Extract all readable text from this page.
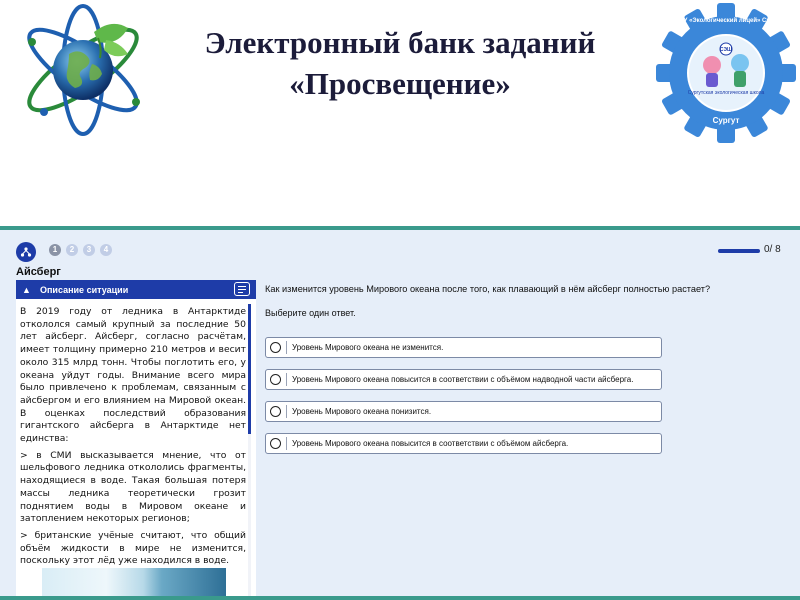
Электронный банк заданий
«Просвещение»	Сургутская экологическая школа
СЭШ
Сургут
МБОУ «Экологический лицей» Сургут
1	2	3	4	0/ 8
Айсберг
▲	Описание ситуации

В 2019 году от ледника в Антарктиде откололся самый крупный за последние 50 лет айсберг. Айсберг, согласно расчётам, имеет толщину примерно 210 метров и весит около 315 млрд тонн. Чтобы поглотить его, у океана уйдут годы. Внимание всего мира было привлечено к проблемам, связанным с айсбергом и его влиянием на Мировой океан. В оценках последствий образования гигантского айсберга в Антарктиде нет единства:

> в СМИ высказывается мнение, что от шельфового ледника откололись фрагменты, находящиеся в воде. Такая большая потеря массы ледника теоретически грозит поднятием воды в Мировом океане и затоплением некоторых регионов;

> британские учёные считают, что общий объём жидкости в мире не изменится, поскольку этот лёд уже находился в воде.

Как изменится уровень Мирового океана после того, как плавающий в нём айсберг полностью растает?
Выберите один ответ.
Уровень Мирового океана не изменится.
Уровень Мирового океана повысится в соответствии с объёмом надводной части айсберга.
Уровень Мирового океана понизится.
Уровень Мирового океана повысится в соответствии с объёмом айсберга.
